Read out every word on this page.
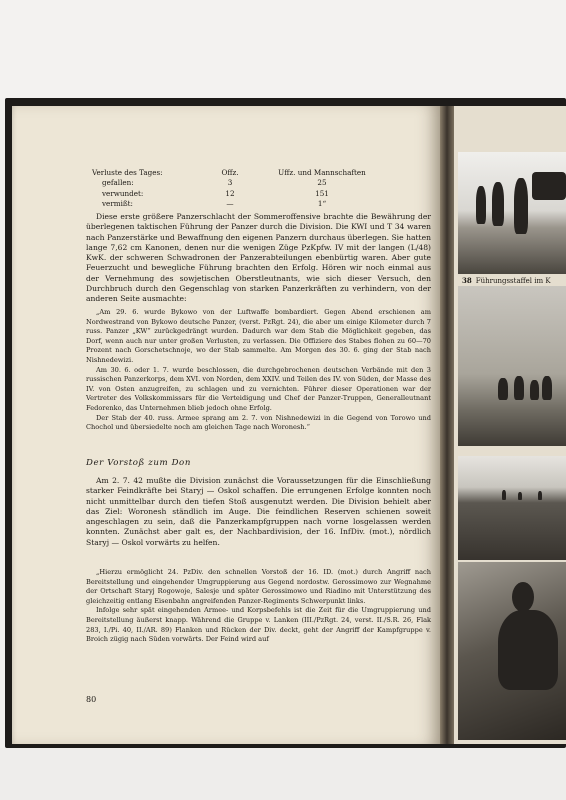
38 Führungsstaffel im K
Verluste des Tages:	Offz.	Uffz. und Mannschaften
gefallen:	3	25
verwundet:	12	151
vermißt:	—	1“

Diese erste größere Panzerschlacht der Sommeroffensive brachte die Bewährung der überlegenen taktischen Führung der Panzer durch die Division. Die KWI und T 34 waren nach Panzerstärke und Bewaffnung den eigenen Panzern durchaus überlegen. Sie hatten lange 7,62 cm Kanonen, denen nur die wenigen Züge PzKpfw. IV mit der langen (L/48) KwK. der schweren Schwadronen der Panzerabteilungen ebenbürtig waren. Aber gute Feuerzucht und bewegliche Führung brachten den Erfolg. Hören wir noch einmal aus der Vernehmung des sowjetischen Oberstleutnants, wie sich dieser Versuch, den Durchbruch durch den Gegenschlag von starken Panzerkräften zu verhindern, von der anderen Seite ausmachte:

„Am 29. 6. wurde Bykowo von der Luftwaffe bombardiert. Gegen Abend erschienen am Nordwestrand von Bykowo deutsche Panzer, (verst. PzRgt. 24), die aber um einige Kilometer durch 7 russ. Panzer „KW“ zurückgedrängt wurden. Dadurch war dem Stab die Möglichkeit gegeben, das Dorf, wenn auch nur unter großen Verlusten, zu verlassen. Die Offiziere des Stabes flohen zu 60—70 Prozent nach Gorschetschnoje, wo der Stab sammelte. Am Morgen des 30. 6. ging der Stab nach Nishnedewizi.

Am 30. 6. oder 1. 7. wurde beschlossen, die durchgebrochenen deutschen Verbände mit den 3 russischen Panzerkorps, dem XVI. von Norden, dem XXIV. und Teilen des IV. von Süden, der Masse des IV. von Osten anzugreifen, zu schlagen und zu vernichten. Führer dieser Operationen war der Vertreter des Volkskommissars für die Verteidigung und Chef der Panzer-Truppen, Generalleutnant Fedorenko, das Unternehmen blieb jedoch ohne Erfolg.

Der Stab der 40. russ. Armee sprang am 2. 7. von Nishnedewizi in die Gegend von Torowo und Chochol und übersiedelte noch am gleichen Tage nach Woronesh.“

Der Vorstoß zum Don

Am 2. 7. 42 mußte die Division zunächst die Voraussetzungen für die Einschließung starker Feindkräfte bei Staryj — Oskol schaffen. Die errungenen Erfolge konnten noch nicht unmittelbar durch den tiefen Stoß ausgenutzt werden. Die Division behielt aber das Ziel: Woronesh ständlich im Auge. Die feindlichen Reserven schienen soweit angeschlagen zu sein, daß die Panzerkampfgruppen nach vorne losgelassen werden konnten. Zunächst aber galt es, der Nachbardivision, der 16. InfDiv. (mot.), nördlich Staryj — Oskol vorwärts zu helfen.

„Hierzu ermöglicht 24. PzDiv. den schnellen Vorstoß der 16. ID. (mot.) durch Angriff nach Bereitstellung und eingehender Umgruppierung aus Gegend nordostw. Gerossimowo zur Wegnahme der Ortschaft Staryj Rogowoje, Salesje und später Gerossimowo und Riadino mit Unterstützung des gleichzeitig entlang Eisenbahn angreifenden Panzer-Regiments Schwerpunkt links.

Infolge sehr spät eingehenden Armee- und Korpsbefehls ist die Zeit für die Umgruppierung und Bereitstellung äußerst knapp. Während die Gruppe v. Lanken (III./PzRgt. 24, verst. II./S.R. 26, Flak 283, I./Pi. 40, II./AR. 89) Flanken und Rücken der Div. deckt, geht der Angriff der Kampfgruppe v. Broich zügig nach Süden vorwärts. Der Feind wird auf

80
